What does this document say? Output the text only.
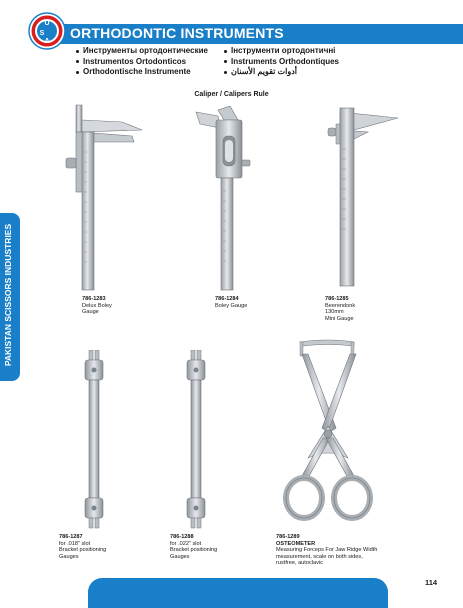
ORTHODONTIC INSTRUMENTS
U
S
A
Инструменты ортодонтические
Instrumentos Ortodonticos
Orthodontische Instrumente
Інструменти ортодонтичні
Instruments Orthodontiques
أدوات تقويم الأسنان
Caliper / Calipers Rule
PAKISTAN SCISSORS INDUSTRIES	786-1283
Delux Boley
Gauge
786-1284
Boley Gauge
786-1285
Beerendonk
130mm
Mini Gauge
786-1287
for .018" slot
Bracket positioning
Gauges
786-1288
for .022" slot
Bracket positioning
Gauges
786-1289
OSTEOMETER
Measuring Forceps For Jaw Ridge Width
measurement, scale on both sides,
rustfree, autoclavic
114
